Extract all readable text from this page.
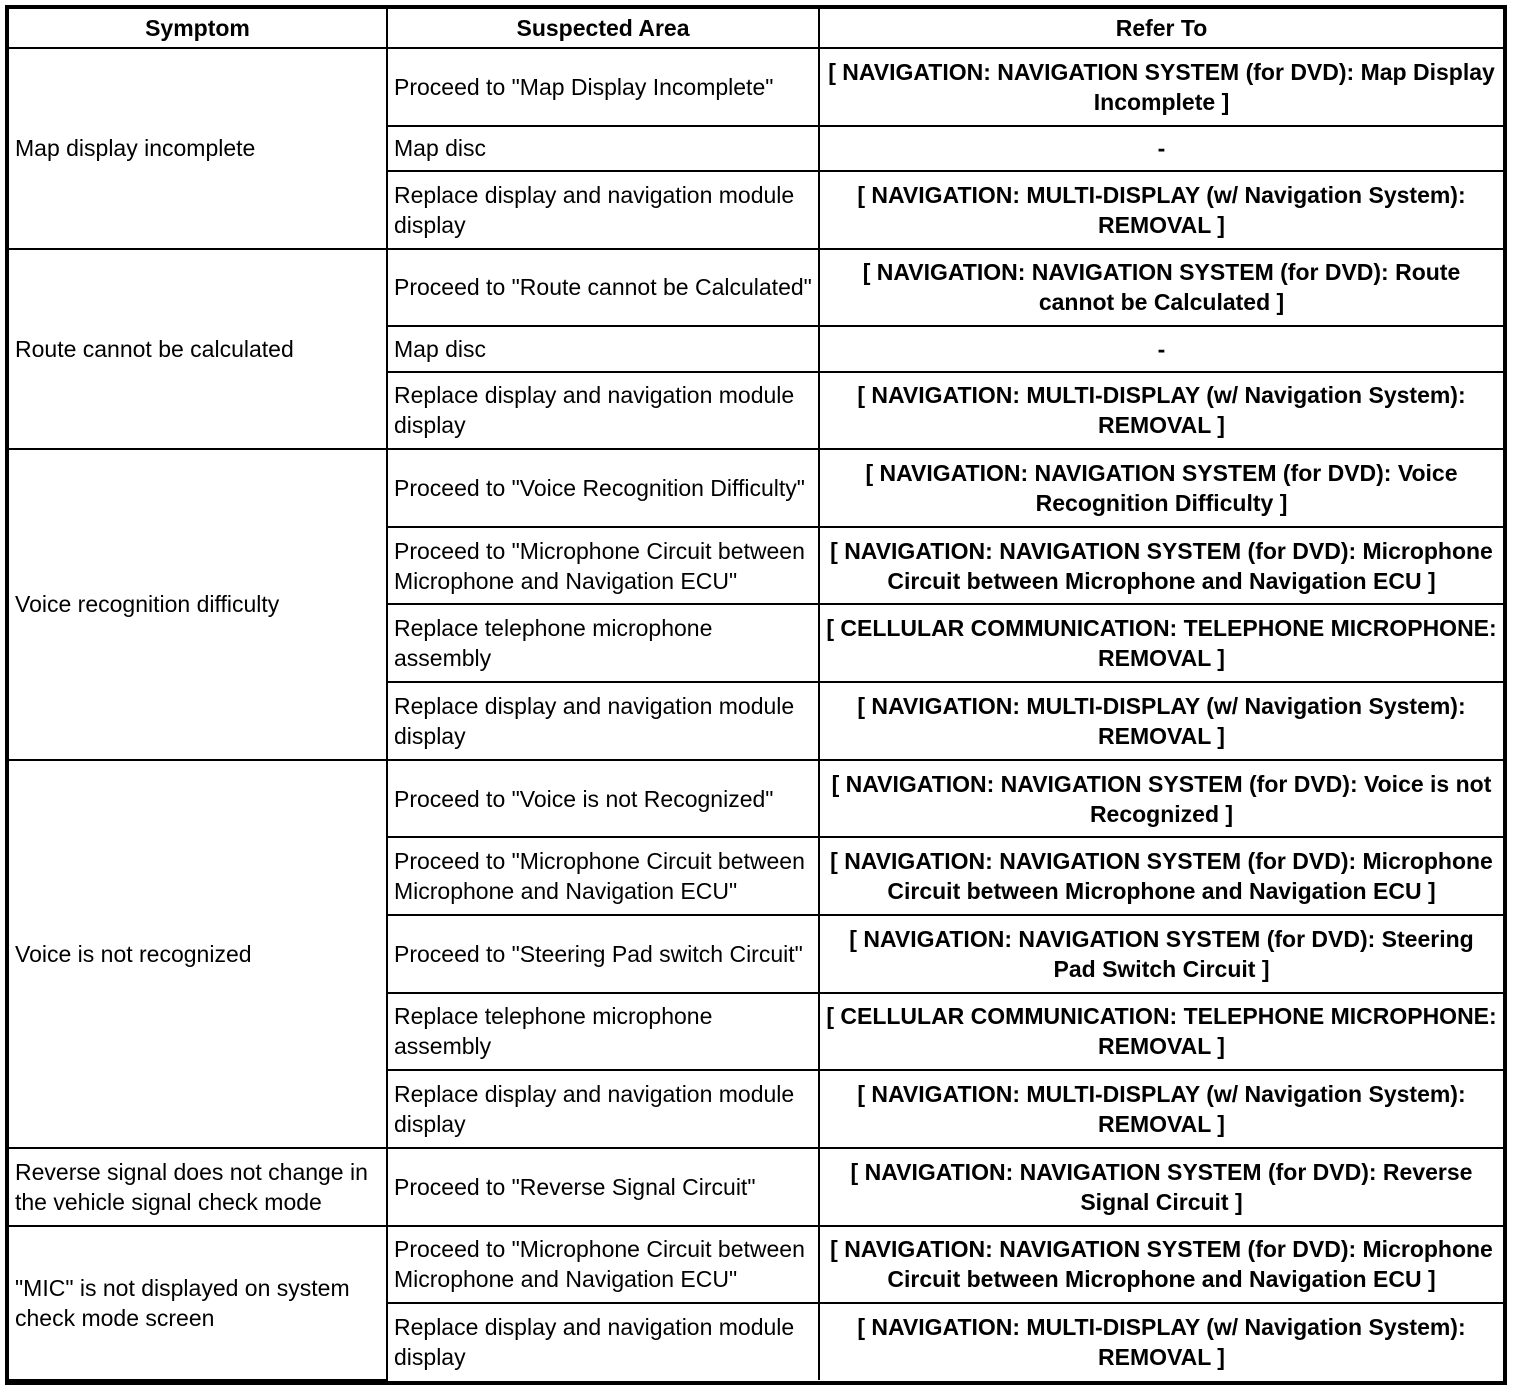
Symptom	Suspected Area	Refer To
Map display incomplete	Proceed to "Map Display Incomplete"	[ NAVIGATION: NAVIGATION SYSTEM (for DVD): Map Display Incomplete ]
	Map disc	-
	Replace display and navigation module display	[ NAVIGATION: MULTI-DISPLAY (w/ Navigation System): REMOVAL ]
Route cannot be calculated	Proceed to "Route cannot be Calculated"	[ NAVIGATION: NAVIGATION SYSTEM (for DVD): Route cannot be Calculated ]
	Map disc	-
	Replace display and navigation module display	[ NAVIGATION: MULTI-DISPLAY (w/ Navigation System): REMOVAL ]
Voice recognition difficulty	Proceed to "Voice Recognition Difficulty"	[ NAVIGATION: NAVIGATION SYSTEM (for DVD): Voice Recognition Difficulty ]
	Proceed to "Microphone Circuit between Microphone and Navigation ECU"	[ NAVIGATION: NAVIGATION SYSTEM (for DVD): Microphone Circuit between Microphone and Navigation ECU ]
	Replace telephone microphone assembly	[ CELLULAR COMMUNICATION: TELEPHONE MICROPHONE: REMOVAL ]
	Replace display and navigation module display	[ NAVIGATION: MULTI-DISPLAY (w/ Navigation System): REMOVAL ]
Voice is not recognized	Proceed to "Voice is not Recognized"	[ NAVIGATION: NAVIGATION SYSTEM (for DVD): Voice is not Recognized ]
	Proceed to "Microphone Circuit between Microphone and Navigation ECU"	[ NAVIGATION: NAVIGATION SYSTEM (for DVD): Microphone Circuit between Microphone and Navigation ECU ]
	Proceed to "Steering Pad switch Circuit"	[ NAVIGATION: NAVIGATION SYSTEM (for DVD): Steering Pad Switch Circuit ]
	Replace telephone microphone assembly	[ CELLULAR COMMUNICATION: TELEPHONE MICROPHONE: REMOVAL ]
	Replace display and navigation module display	[ NAVIGATION: MULTI-DISPLAY (w/ Navigation System): REMOVAL ]
Reverse signal does not change in the vehicle signal check mode	Proceed to "Reverse Signal Circuit"	[ NAVIGATION: NAVIGATION SYSTEM (for DVD): Reverse Signal Circuit ]
"MIC" is not displayed on system check mode screen	Proceed to "Microphone Circuit between Microphone and Navigation ECU"	[ NAVIGATION: NAVIGATION SYSTEM (for DVD): Microphone Circuit between Microphone and Navigation ECU ]
	Replace display and navigation module display	[ NAVIGATION: MULTI-DISPLAY (w/ Navigation System): REMOVAL ]
